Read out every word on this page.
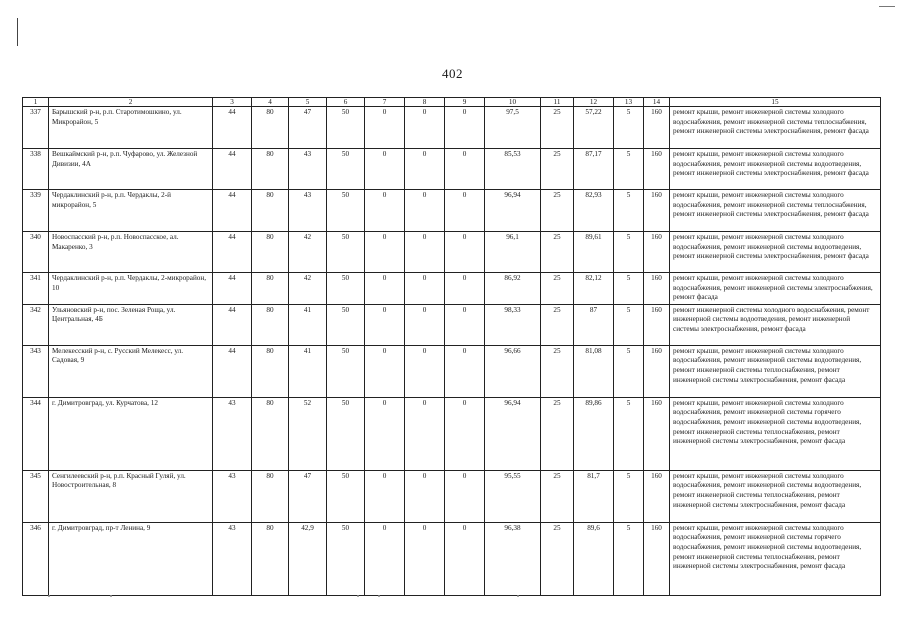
402
1	2	3	4	5	6	7	8	9	10	11	12	13	14	15
337	Барышский р-н, р.п. Старотимошкино, ул. Микрорайон, 5	44	80	47	50	0	0	0	97,5	25	57,22	5	160	ремонт крыши, ремонт инженерной системы холодного водоснабжения, ремонт инженерной системы теплоснабжения, ремонт инженерной системы электроснабжения, ремонт фасада
338	Вешкаймский р-н, р.п. Чуфарово, ул. Железной Дивизии, 4А	44	80	43	50	0	0	0	85,53	25	87,17	5	160	ремонт крыши, ремонт инженерной системы холодного водоснабжения, ремонт инженерной системы водоотведения, ремонт инженерной системы электроснабжения, ремонт фасада
339	Чердаклинский р-н, р.п. Чердаклы, 2-й микрорайон, 5	44	80	43	50	0	0	0	96,94	25	82,93	5	160	ремонт крыши, ремонт инженерной системы холодного водоснабжения, ремонт инженерной системы теплоснабжения, ремонт инженерной системы электроснабжения, ремонт фасада
340	Новоспасский р-н, р.п. Новоспасское, ал. Макаренко, 3	44	80	42	50	0	0	0	96,1	25	89,61	5	160	ремонт крыши, ремонт инженерной системы холодного водоснабжения, ремонт инженерной системы водоотведения, ремонт инженерной системы электроснабжения, ремонт фасада
341	Чердаклинский р-н, р.п. Чердаклы, 2-микрорайон, 10	44	80	42	50	0	0	0	86,92	25	82,12	5	160	ремонт крыши, ремонт инженерной системы холодного водоснабжения, ремонт инженерной системы электроснабжения, ремонт фасада
342	Ульяновский р-н, пос. Зеленая Роща, ул. Центральная, 4Б	44	80	41	50	0	0	0	98,33	25	87	5	160	ремонт инженерной системы холодного водоснабжения, ремонт инженерной системы водоотведения, ремонт инженерной системы электроснабжения, ремонт фасада
343	Мелекесский р-н, с. Русский Мелекесс, ул. Садовая, 9	44	80	41	50	0	0	0	96,66	25	81,08	5	160	ремонт крыши, ремонт инженерной системы холодного водоснабжения, ремонт инженерной системы водоотведения, ремонт инженерной системы теплоснабжения, ремонт инженерной системы электроснабжения, ремонт фасада
344	г. Димитровград, ул. Курчатова, 12	43	80	52	50	0	0	0	96,94	25	89,86	5	160	ремонт крыши, ремонт инженерной системы холодного водоснабжения, ремонт инженерной системы горячего водоснабжения, ремонт инженерной системы водоотведения, ремонт инженерной системы теплоснабжения, ремонт инженерной системы электроснабжения, ремонт фасада
345	Сенгилеевский р-н, р.п. Красный Гуляй, ул. Новостроительная, 8	43	80	47	50	0	0	0	95,55	25	81,7	5	160	ремонт крыши, ремонт инженерной системы холодного водоснабжения, ремонт инженерной системы водоотведения, ремонт инженерной системы теплоснабжения, ремонт инженерной системы электроснабжения, ремонт фасада
346	г. Димитровград, пр-т Ленина, 9	43	80	42,9	50	0	0	0	96,38	25	89,6	5	160	ремонт крыши, ремонт инженерной системы холодного водоснабжения, ремонт инженерной системы горячего водоснабжения, ремонт инженерной системы водоотведения, ремонт инженерной системы теплоснабжения, ремонт инженерной системы электроснабжения, ремонт фасада
